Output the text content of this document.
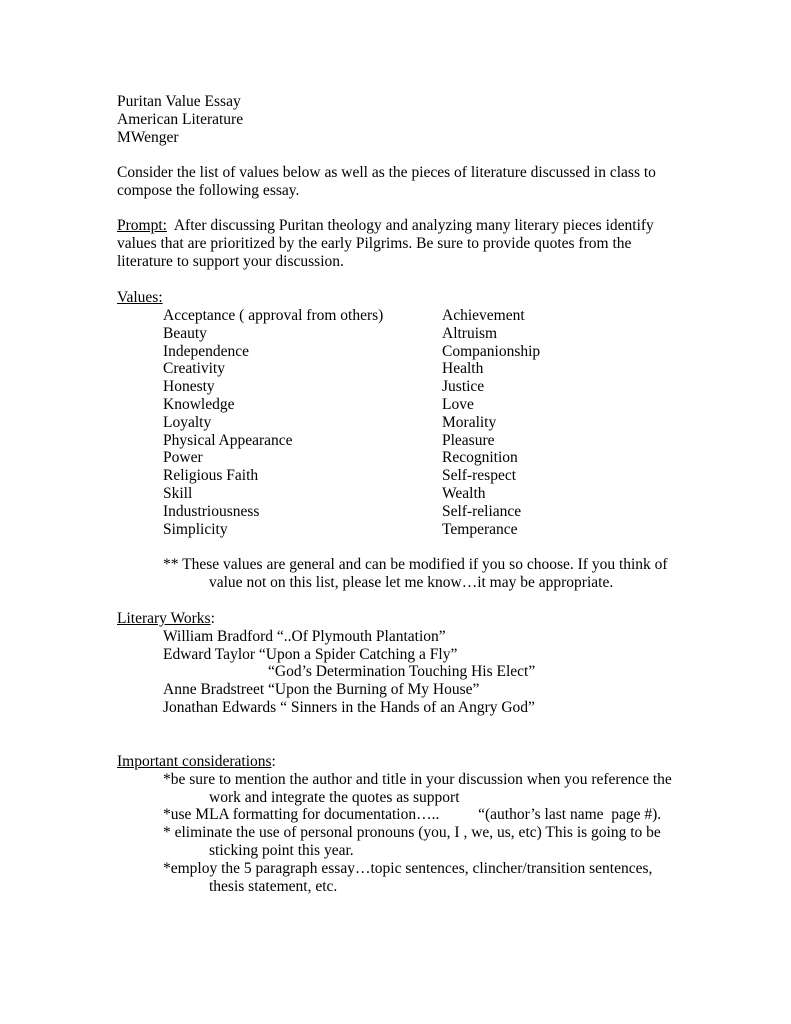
Puritan Value Essay
American Literature
MWenger
Consider the list of values below as well as the pieces of literature discussed in class to
compose the following essay.
Prompt:  After discussing Puritan theology and analyzing many literary pieces identify
values that are prioritized by the early Pilgrims. Be sure to provide quotes from the
literature to support your discussion.
Values:
Acceptance ( approval from others)	Achievement
Beauty	Altruism
Independence	Companionship
Creativity	Health
Honesty	Justice
Knowledge	Love
Loyalty	Morality
Physical Appearance	Pleasure
Power	Recognition
Religious Faith	Self-respect
Skill	Wealth
Industriousness	Self-reliance
Simplicity	Temperance
** These values are general and can be modified if you so choose. If you think of
value not on this list, please let me know…it may be appropriate.
Literary Works:
William Bradford “..Of Plymouth Plantation”
Edward Taylor “Upon a Spider Catching a Fly”
“God’s Determination Touching His Elect”
Anne Bradstreet “Upon the Burning of My House”
Jonathan Edwards “ Sinners in the Hands of an Angry God”
Important considerations:
*be sure to mention the author and title in your discussion when you reference the
work and integrate the quotes as support
*use MLA formatting for documentation…..          “(author’s last name  page #).
* eliminate the use of personal pronouns (you, I , we, us, etc) This is going to be
sticking point this year.
*employ the 5 paragraph essay…topic sentences, clincher/transition sentences,
thesis statement, etc.
